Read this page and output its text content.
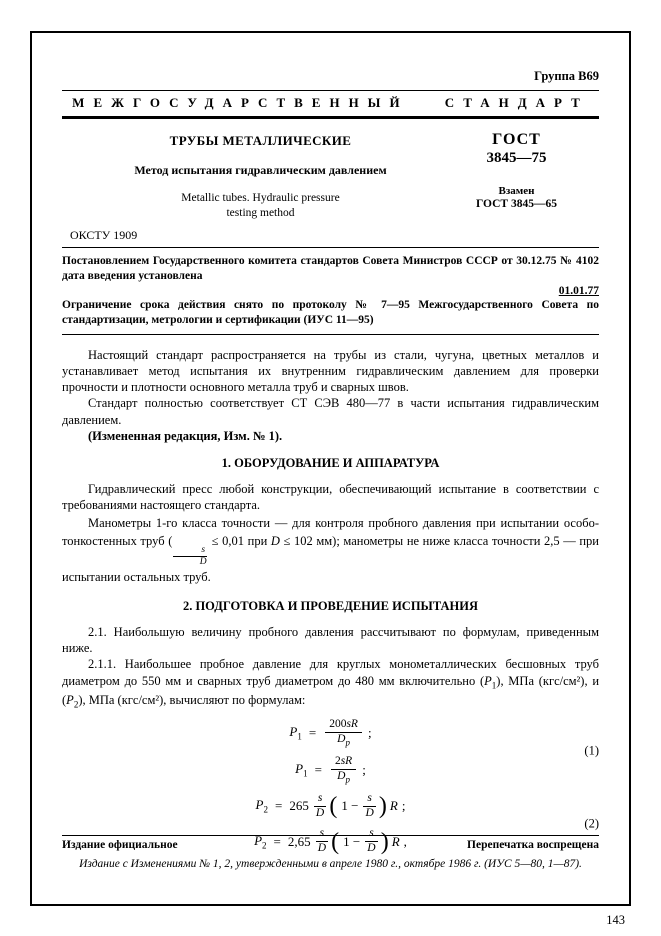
Группа В69
МЕЖГОСУДАРСТВЕННЫЙ СТАНДАРТ
ТРУБЫ МЕТАЛЛИЧЕСКИЕ
Метод испытания гидравлическим давлением
Metallic tubes. Hydraulic pressure
testing method
ГОСТ
3845—75
Взамен
ГОСТ 3845—65
ОКСТУ 1909
Постановлением Государственного комитета стандартов Совета Министров СССР от 30.12.75 № 4102 дата введения установлена
01.01.77
Ограничение срока действия снято по протоколу № 7—95 Межгосударственного Совета по стандартизации, метрологии и сертификации (ИУС 11—95)

Настоящий стандарт распространяется на трубы из стали, чугуна, цветных металлов и устанавливает метод испытания их внутренним гидравлическим давлением для проверки прочности и плотности основного металла труб и сварных швов.

Стандарт полностью соответствует СТ СЭВ 480—77 в части испытания гидравлическим давлением.

(Измененная редакция, Изм. № 1).

1. ОБОРУДОВАНИЕ И АППАРАТУРА

Гидравлический пресс любой конструкции, обеспечивающий испытание в соответствии с требованиями настоящего стандарта.

Манометры 1-го класса точности — для контроля пробного давления при испытании особо-тонкостенных труб (
$\frac{s}{D}$
≤ 0,01 при D ≤ 102 мм); манометры не ниже класса точности 2,5 — при испытании остальных труб.

2. ПОДГОТОВКА И ПРОВЕДЕНИЕ ИСПЫТАНИЯ

2.1. Наибольшую величину пробного давления рассчитывают по формулам, приведенным ниже.

2.1.1. Наибольшее пробное давление для круглых монометаллических бесшовных труб диаметром до 550 мм и сварных труб диаметром до 480 мм включительно $(P_1)$, МПа (кгс/см²), и $(P_2)$, МПа (кгс/см²), вычисляют по формулам:

$P_1$ =
200sR
$D_р$
;
$P_1$ =
2sR
$D_р$
;
(1)
$P_2 = 265$
s
D ( $1 - \frac{s}{D}$ ) R ;
$P_2 = 2,65$
s
D ( $1 - \frac{s}{D}$ ) R ,
(2)
Издание официальное	Перепечатка воспрещена
Издание с Изменениями № 1, 2, утвержденными в апреле 1980 г., октябре 1986 г. (ИУС 5—80, 1—87).
143
